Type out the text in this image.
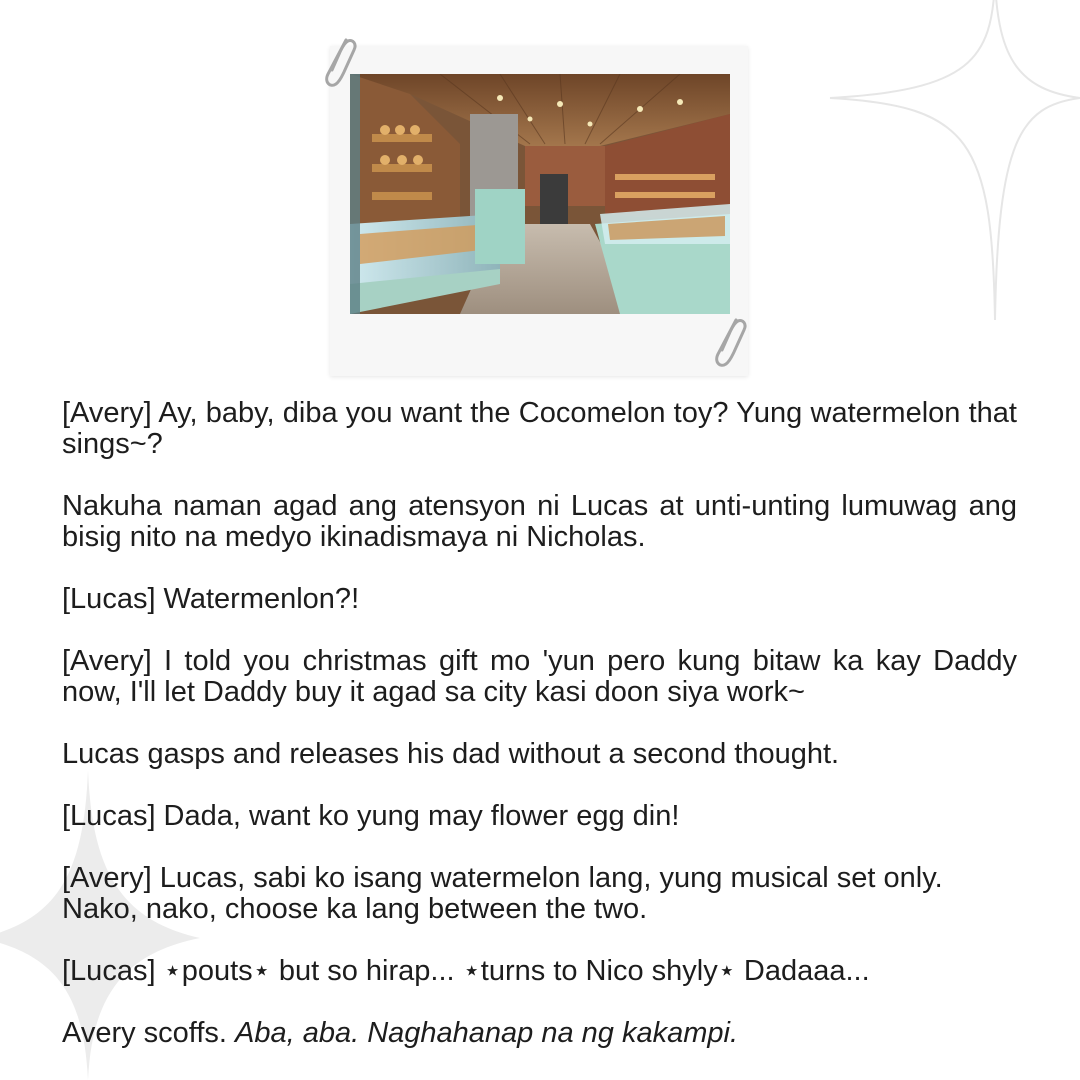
[Avery] Ay, baby, diba you want the Cocomelon toy? Yung watermelon that sings~?

Nakuha naman agad ang atensyon ni Lucas at unti-unting lumuwag ang bisig nito na medyo ikinadismaya ni Nicholas.

[Lucas] Watermenlon?!

[Avery] I told you christmas gift mo 'yun pero kung bitaw ka kay Daddy now, I'll let Daddy buy it agad sa city kasi doon siya work~

Lucas gasps and releases his dad without a second thought.

[Lucas] Dada, want ko yung may flower egg din!

[Avery] Lucas, sabi ko isang watermelon lang, yung musical set only. Nako, nako, choose ka lang between the two.

[Lucas] ⋆pouts⋆ but so hirap... ⋆turns to Nico shyly⋆ Dadaaa...

Avery scoffs. Aba, aba. Naghahanap na ng kakampi.
